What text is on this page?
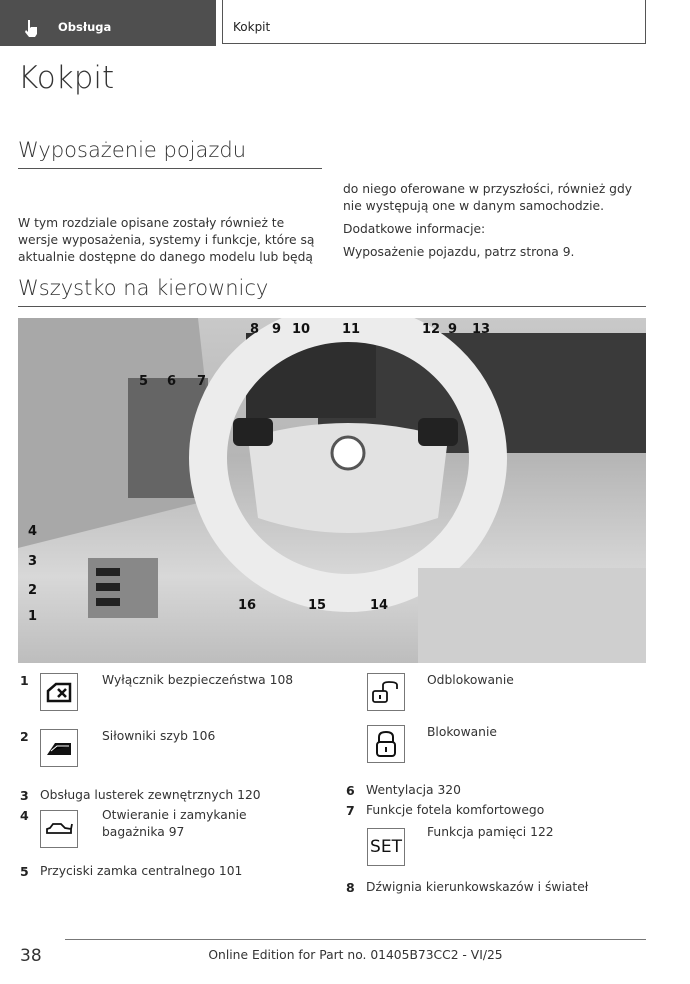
Obsługa	Kokpit
Kokpit
Wyposażenie pojazdu

W tym rozdziale opisane zostały również te wersje wyposażenia, systemy i funkcje, które są aktualnie dostępne do danego modelu lub będą do niego oferowane w przyszłości, również gdy nie występują one w danym samochodzie.

Dodatkowe informacje:

Wyposażenie pojazdu, patrz strona 9.

Wszystko na kierownicy
8 9 10 11	12 9 13
5 6 7
4
3
2
1
16	15	14
1	Wyłącznik bezpieczeństwa 108
2	Siłowniki szyb 106
3 Obsługa lusterek zewnętrznych 120
4	Otwieranie i zamykanie bagażnika 97
5 Przyciski zamka centralnego 101
Odblokowanie
Blokowanie
6 Wentylacja 320
7 Funkcje fotela komfortowego
SET
Funkcja pamięci 122
8 Dźwignia kierunkowskazów i świateł
38	Online Edition for Part no. 01405B73CC2 - VI/25
